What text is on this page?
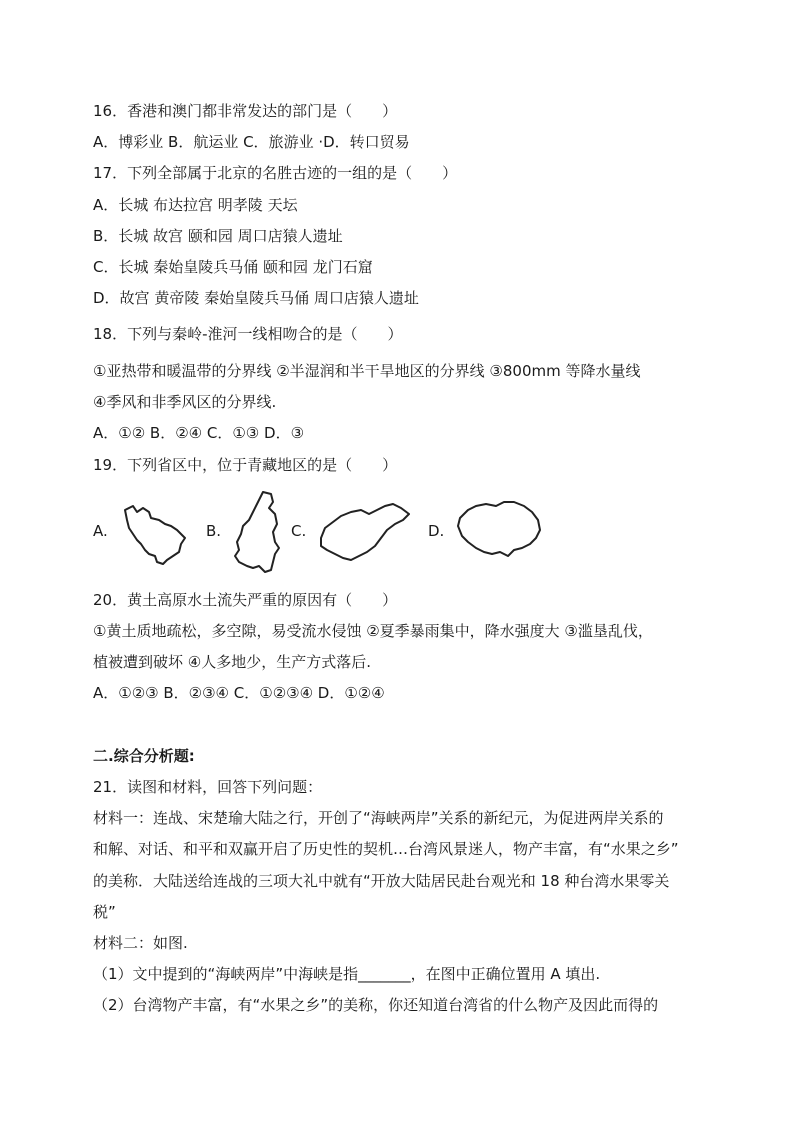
16．香港和澳门都非常发达的部门是（　　）
A．博彩业 B．航运业 C．旅游业 ·D．转口贸易
17．下列全部属于北京的名胜古迹的一组的是（　　）
A．长城 布达拉宫 明孝陵 天坛
B．长城 故宫 颐和园 周口店猿人遗址
C．长城 秦始皇陵兵马俑 颐和园 龙门石窟
D．故宫 黄帝陵 秦始皇陵兵马俑 周口店猿人遗址
18．下列与秦岭-淮河一线相吻合的是（　　）
①亚热带和暖温带的分界线 ②半湿润和半干旱地区的分界线 ③800mm 等降水量线
④季风和非季风区的分界线.
A．①② B．②④ C．①③ D．③
19．下列省区中，位于青藏地区的是（　　）
A.	B.	C.	D.
20．黄土高原水土流失严重的原因有（　　）
①黄土质地疏松，多空隙，易受流水侵蚀 ②夏季暴雨集中，降水强度大 ③滥垦乱伐，
植被遭到破坏 ④人多地少，生产方式落后.
A．①②③ B．②③④ C．①②③④ D．①②④
二.综合分析题:
21．读图和材料，回答下列问题：
材料一：连战、宋楚瑜大陆之行，开创了“海峡两岸”关系的新纪元，为促进两岸关系的
和解、对话、和平和双赢开启了历史性的契机…台湾风景迷人，物产丰富，有“水果之乡”
的美称．大陆送给连战的三项大礼中就有“开放大陆居民赴台观光和 18 种台湾水果零关
税”
材料二：如图.
（1）文中提到的“海峡两岸”中海峡是指_______，在图中正确位置用 A 填出.
（2）台湾物产丰富，有“水果之乡”的美称，你还知道台湾省的什么物产及因此而得的
